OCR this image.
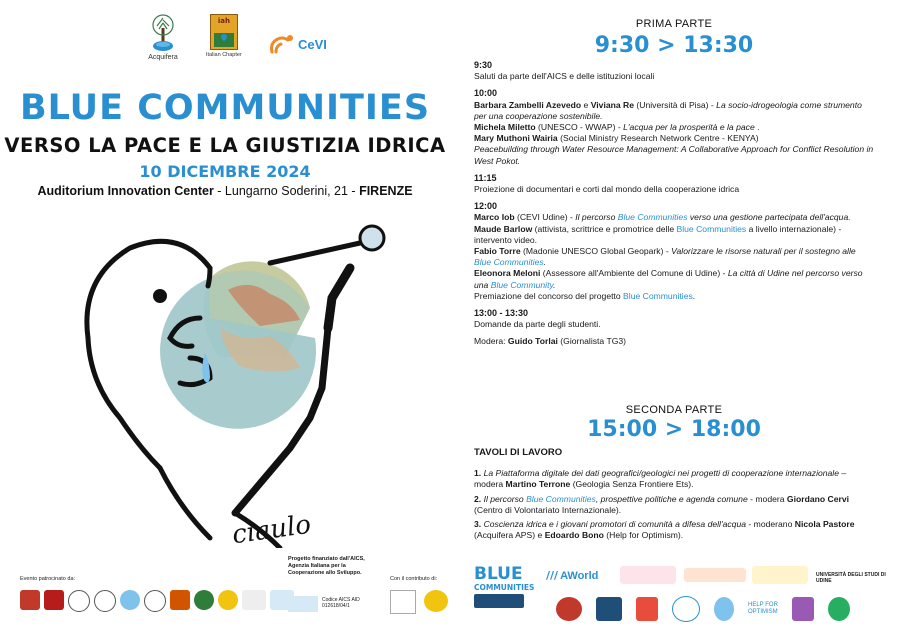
Acquifera
iah
Italian Chapter
CeVI
BLUE COMMUNITIES
VERSO LA PACE E LA GIUSTIZIA IDRICA
10 DICEMBRE 2024
Auditorium Innovation Center - Lungarno Soderini, 21 - FIRENZE
ciaulo
PRIMA PARTE
9:30 > 13:30

9:30

Saluti da parte dell'AICS e delle istituzioni locali

10:00

Barbara Zambelli Azevedo e Viviana Re (Università di Pisa) - La socio-idrogeologia come strumento per una cooperazione sostenibile.

Michela Miletto (UNESCO - WWAP) - L'acqua per la prosperità e la pace .

Mary Muthoni Wairia (Social Ministry Research Network Centre - KENYA)

Peacebuilding through Water Resource Management: A Collaborative Approach for Conflict Resolution in West Pokot.

11:15

Proiezione di documentari e corti dal mondo della cooperazione idrica

12:00

Marco Iob (CEVI Udine) - Il percorso Blue Communities verso una gestione partecipata dell'acqua.

Maude Barlow (attivista, scrittrice e promotrice delle Blue Communities a livello internazionale) - intervento video.

Fabio Torre (Madonie UNESCO Global Geopark) - Valorizzare le risorse naturali per il sostegno alle Blue Communities.

Eleonora Meloni (Assessore all'Ambiente del Comune di Udine) - La città di Udine nel percorso verso una Blue Community.

Premiazione del concorso del progetto Blue Communities.

13:00 - 13:30

Domande da parte degli studenti.

Modera: Guido Torlai (Giornalista TG3)

SECONDA PARTE
15:00 > 18:00

TAVOLI DI LAVORO

1. La Piattaforma digitale dei dati geografici/geologici nei progetti di cooperazione internazionale – modera Martino Terrone (Geologia Senza Frontiere Ets).

2. Il percorso Blue Communities, prospettive politiche e agenda comune - modera Giordano Cervi (Centro di Volontariato Internazionale).

3. Coscienza idrica e i giovani promotori di comunità a difesa dell'acqua - moderano Nicola Pastore (Acquifera APS) e Edoardo Bono (Help for Optimism).

Evento patrocinato da:
Progetto finanziato dall'AICS, Agenzia Italiana per la Cooperazione allo Sviluppo.
Codice AICS AID 012618/04/1
Con il contributo di: BLUE
COMMUNITIES
/// AWorld	UNIVERSITÀ DEGLI STUDI DI UDINE
HELP FOR OPTIMISM
